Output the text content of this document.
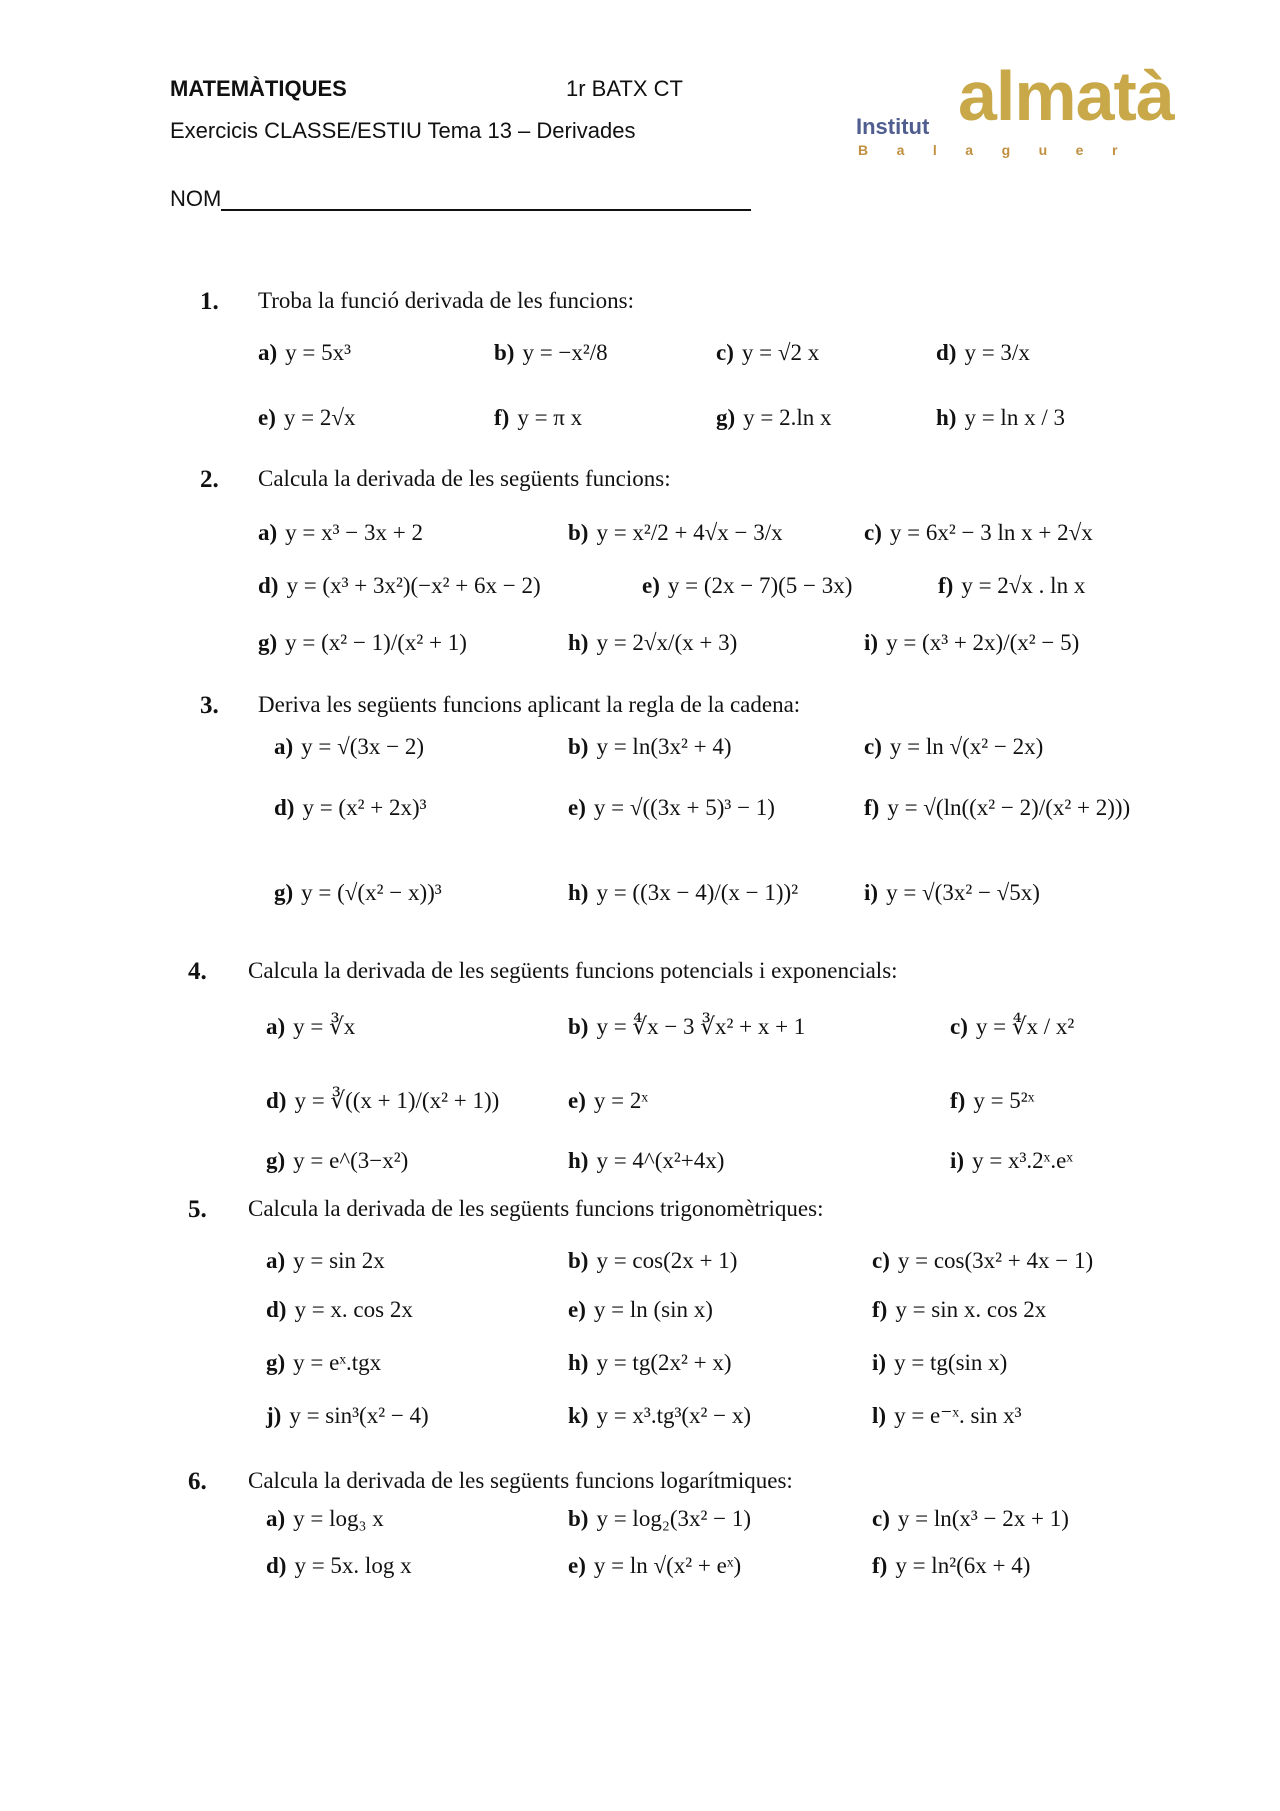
MATEMÀTIQUES	1r BATX CT
Exercicis CLASSE/ESTIU Tema 13 – Derivades
NOM
almatà
Institut
Balaguer
1. Troba la funció derivada de les funcions:
a) y = 5x³	b) y = −x²/8	c) y = √2 x	d) y = 3/x
e) y = 2√x	f) y = π x	g) y = 2.ln x	h) y = ln x / 3
2. Calcula la derivada de les següents funcions:
a) y = x³ − 3x + 2	b) y = x²/2 + 4√x − 3/x	c) y = 6x² − 3 ln x + 2√x
d) y = (x³ + 3x²)(−x² + 6x − 2)	e) y = (2x − 7)(5 − 3x)	f) y = 2√x . ln x
g) y = (x² − 1)/(x² + 1)	h) y = 2√x/(x + 3)	i) y = (x³ + 2x)/(x² − 5)
3. Deriva les següents funcions aplicant la regla de la cadena:
a) y = √(3x − 2)	b) y = ln(3x² + 4)	c) y = ln √(x² − 2x)
d) y = (x² + 2x)³	e) y = √((3x + 5)³ − 1)	f) y = √(ln((x² − 2)/(x² + 2)))
g) y = (√(x² − x))³	h) y = ((3x − 4)/(x − 1))²	i) y = √(3x² − √5x)
4. Calcula la derivada de les següents funcions potencials i exponencials:
a) y = ∛x	b) y = ∜x − 3 ∛x² + x + 1	c) y = ∜x / x²
d) y = ∛((x + 1)/(x² + 1))	e) y = 2ˣ	f) y = 5²ˣ
g) y = e^(3−x²)	h) y = 4^(x²+4x)	i) y = x³.2ˣ.eˣ
5. Calcula la derivada de les següents funcions trigonomètriques:
a) y = sin 2x	b) y = cos(2x + 1)	c) y = cos(3x² + 4x − 1)
d) y = x. cos 2x	e) y = ln (sin x)	f) y = sin x. cos 2x
g) y = eˣ.tgx	h) y = tg(2x² + x)	i) y = tg(sin x)
j) y = sin³(x² − 4)	k) y = x³.tg³(x² − x)	l) y = e⁻ˣ. sin x³
6. Calcula la derivada de les següents funcions logarítmiques:
a) y = log₃ x	b) y = log₂(3x² − 1)	c) y = ln(x³ − 2x + 1)
d) y = 5x. log x	e) y = ln √(x² + eˣ)	f) y = ln²(6x + 4)
